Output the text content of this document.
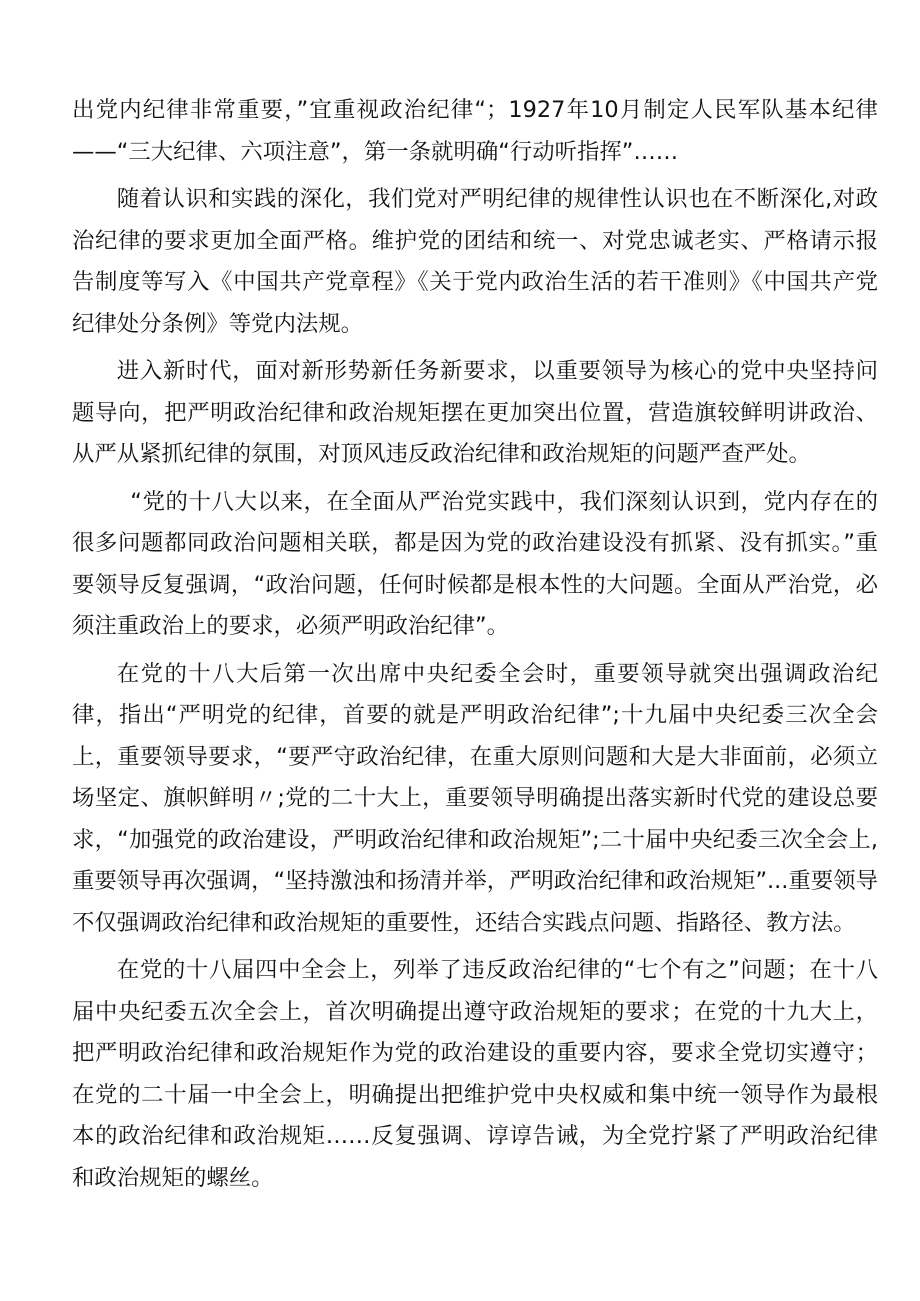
出党内纪律非常重要，”宜重视政治纪律“；1927年10月制定人民军队基本纪律——“三大纪律、六项注意”，第一条就明确“行动听指挥”……

随着认识和实践的深化，我们党对严明纪律的规律性认识也在不断深化,对政治纪律的要求更加全面严格。维护党的团结和统一、对党忠诚老实、严格请示报告制度等写入《中国共产党章程》《关于党内政治生活的若干准则》《中国共产党纪律处分条例》等党内法规。

进入新时代，面对新形势新任务新要求，以重要领导为核心的党中央坚持问题导向，把严明政治纪律和政治规矩摆在更加突出位置，营造旗较鲜明讲政治、从严从紧抓纪律的氛围，对顶风违反政治纪律和政治规矩的问题严查严处。

“党的十八大以来，在全面从严治党实践中，我们深刻认识到，党内存在的很多问题都同政治问题相关联，都是因为党的政治建设没有抓紧、没有抓实。”重要领导反复强调，“政治问题，任何时候都是根本性的大问题。全面从严治党，必须注重政治上的要求，必须严明政治纪律”。

在党的十八大后第一次出席中央纪委全会时，重要领导就突出强调政治纪律，指出“严明党的纪律，首要的就是严明政治纪律”;十九届中央纪委三次全会上，重要领导要求，“要严守政治纪律，在重大原则问题和大是大非面前，必须立场坚定、旗帜鲜明〃;党的二十大上，重要领导明确提出落实新时代党的建设总要求，“加强党的政治建设，严明政治纪律和政治规矩”;二十届中央纪委三次全会上,重要领导再次强调，“坚持激浊和扬清并举，严明政治纪律和政治规矩”...重要领导不仅强调政治纪律和政治规矩的重要性，还结合实践点问题、指路径、教方法。

在党的十八届四中全会上，列举了违反政治纪律的“七个有之”问题；在十八届中央纪委五次全会上，首次明确提出遵守政治规矩的要求；在党的十九大上，把严明政治纪律和政治规矩作为党的政治建设的重要内容，要求全党切实遵守；在党的二十届一中全会上，明确提出把维护党中央权威和集中统一领导作为最根本的政治纪律和政治规矩……反复强调、谆谆告诫，为全党拧紧了严明政治纪律和政治规矩的螺丝。
